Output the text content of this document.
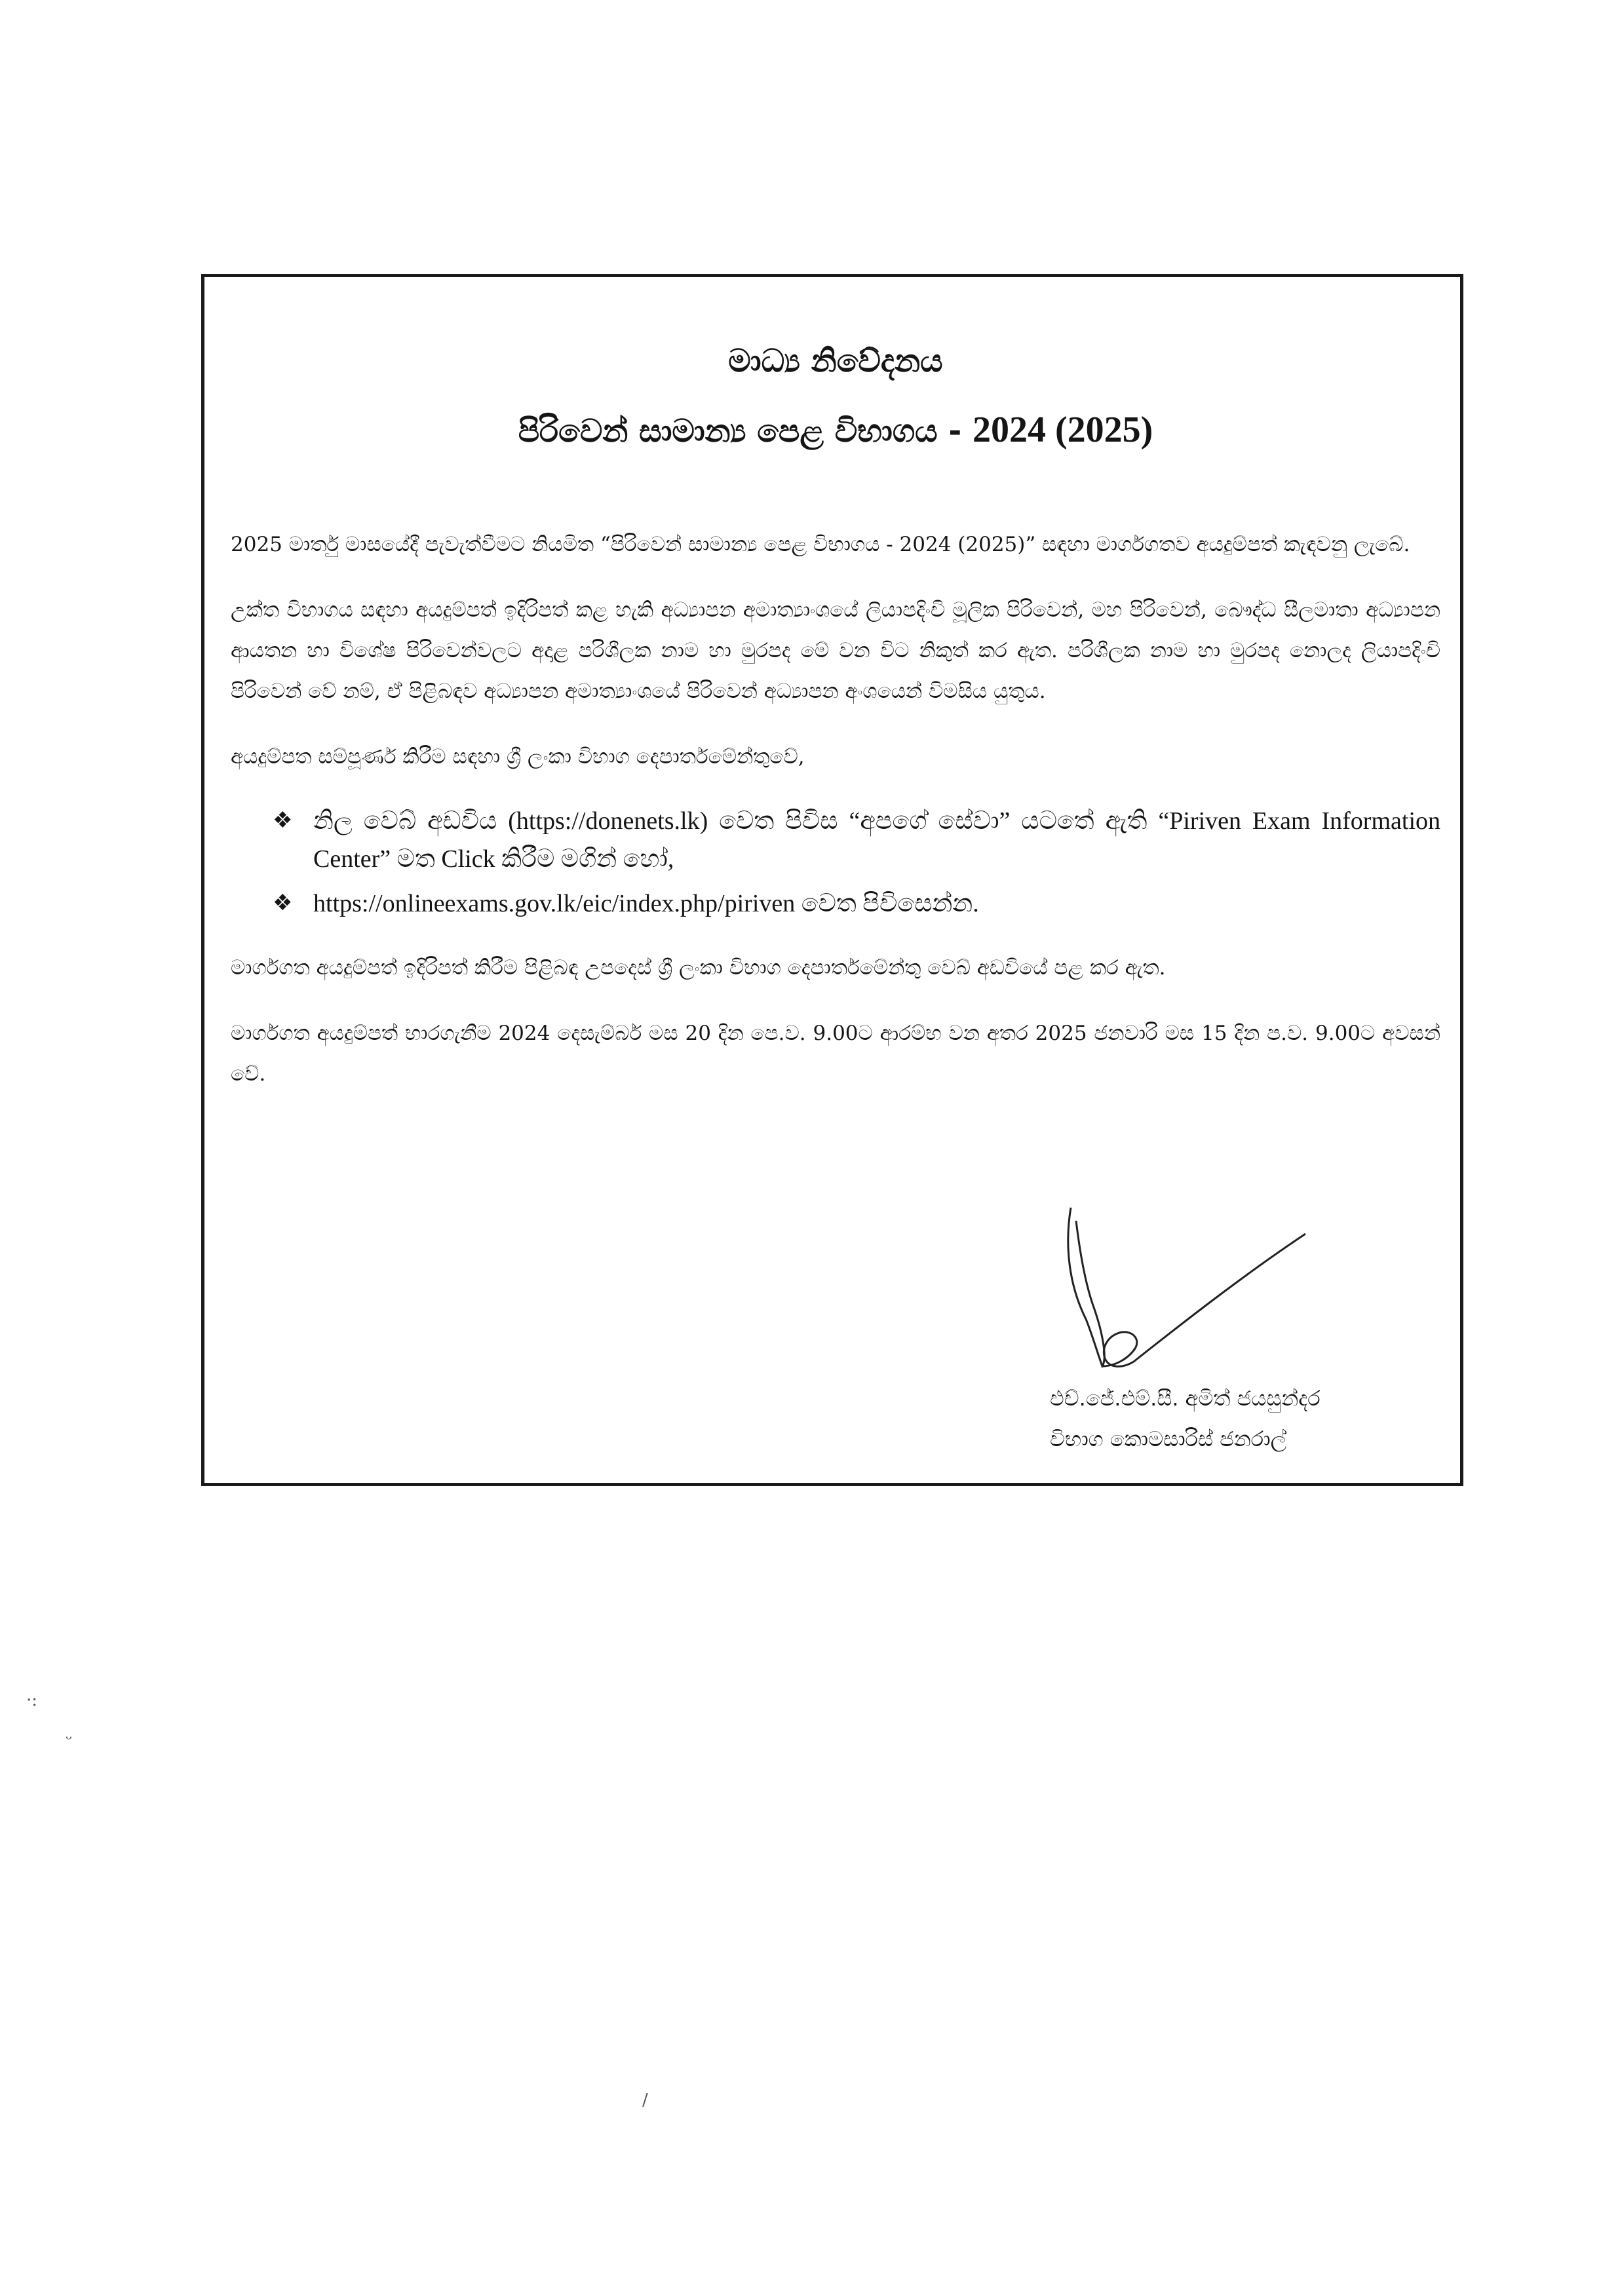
මාධ්‍ය නිවේදනය
පිරිවෙන් සාමාන්‍ය පෙළ විභාගය - 2024 (2025)

2025 මාර්තු මාසයේදී පැවැත්වීමට නියමිත “පිරිවෙන් සාමාන්‍ය පෙළ විභාගය - 2024 (2025)” සඳහා මාර්ගගතව අයදුම්පත් කැඳවනු ලැබේ.

උක්ත විභාගය සඳහා අයදුම්පත් ඉදිරිපත් කළ හැකි අධ්‍යාපන අමාත්‍යාංශයේ ලියාපදිංචි මූලික පිරිවෙන්, මහ පිරිවෙන්, බෞද්ධ සීලමාතා අධ්‍යාපන ආයතන හා විශේෂ පිරිවෙන්වලට අදාළ පරිශීලක නාම හා මුරපද මේ වන විට නිකුත් කර ඇත. පරිශීලක නාම හා මුරපද නොලද ලියාපදිංචි පිරිවෙන් වේ නම්, ඒ පිළිබඳව අධ්‍යාපන අමාත්‍යාංශයේ පිරිවෙන් අධ්‍යාපන අංශයෙන් විමසිය යුතුය.

අයදුම්පත සම්පූර්ණ කිරීම සඳහා ශ්‍රී ලංකා විභාග දෙපාර්තමේන්තුවේ,

❖ නිල වෙබ් අඩවිය (https://donenets.lk) වෙත පිවිස “අපගේ සේවා” යටතේ ඇති “Piriven Exam Information Center” මත Click කිරීම මගින් හෝ,
❖ https://onlineexams.gov.lk/eic/index.php/piriven වෙත පිවිසෙන්න.

මාර්ගගත අයදුම්පත් ඉදිරිපත් කිරීම පිළිබඳ උපදෙස් ශ්‍රී ලංකා විභාග දෙපාර්තමේන්තු වෙබ් අඩවියේ පළ කර ඇත.

මාර්ගගත අයදුම්පත් භාරගැනීම 2024 දෙසැම්බර් මස 20 දින පෙ.ව. 9.00ට ආරම්භ වන අතර 2025 ජනවාරි මස 15 දින ප.ව. 9.00ට අවසන් වේ.

එච්.ජේ.එම්.සී. අමිත් ජයසුන්දර
විභාග කොමසාරිස් ජනරාල්
·:
ᵕ
/
